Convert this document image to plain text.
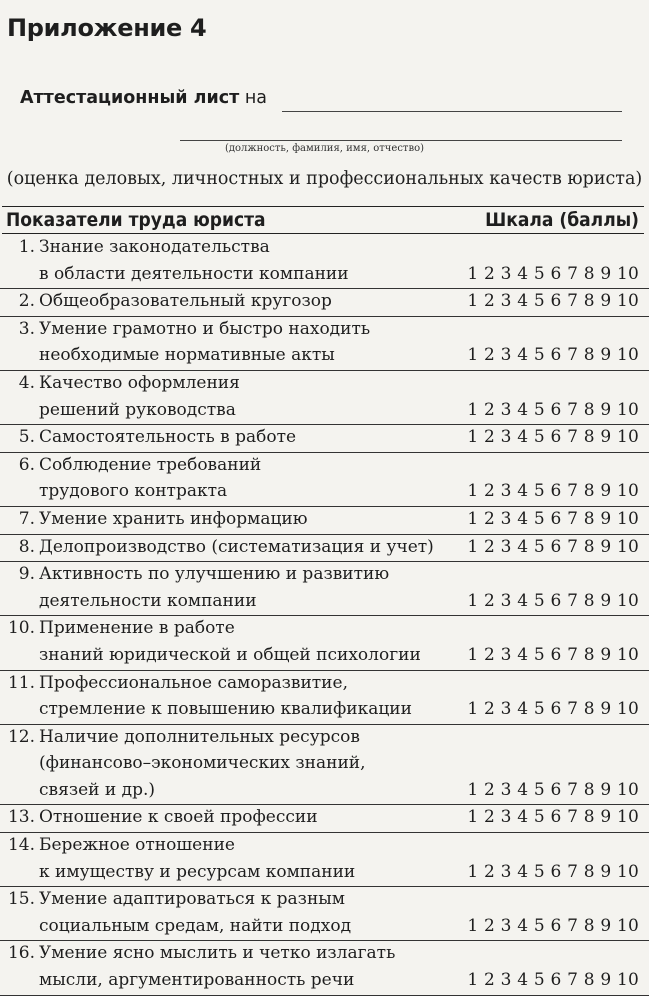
Приложение 4
Аттестационный лист на
(должность, фамилия, имя, отчество)
(оценка деловых, личностных и профессиональных качеств юриста)
Показатели труда юриста	Шкала (баллы)
1. Знание законодательства
в области деятельности компании	1 2 3 4 5 6 7 8 9 10
2. Общеобразовательный кругозор	1 2 3 4 5 6 7 8 9 10
3. Умение грамотно и быстро находить
необходимые нормативные акты	1 2 3 4 5 6 7 8 9 10
4. Качество оформления
решений руководства	1 2 3 4 5 6 7 8 9 10
5. Самостоятельность в работе	1 2 3 4 5 6 7 8 9 10
6. Соблюдение требований
трудового контракта	1 2 3 4 5 6 7 8 9 10
7. Умение хранить информацию	1 2 3 4 5 6 7 8 9 10
8. Делопроизводство (систематизация и учет) 1 2 3 4 5 6 7 8 9 10
9. Активность по улучшению и развитию
деятельности компании	1 2 3 4 5 6 7 8 9 10
10. Применение в работе
знаний юридической и общей психологии	1 2 3 4 5 6 7 8 9 10
11. Профессиональное саморазвитие,
стремление к повышению квалификации	1 2 3 4 5 6 7 8 9 10
12. Наличие дополнительных ресурсов
(финансово–экономических знаний,
связей и др.)	1 2 3 4 5 6 7 8 9 10
13. Отношение к своей профессии	1 2 3 4 5 6 7 8 9 10
14. Бережное отношение
к имуществу и ресурсам компании	1 2 3 4 5 6 7 8 9 10
15. Умение адаптироваться к разным
социальным средам, найти подход	1 2 3 4 5 6 7 8 9 10
16. Умение ясно мыслить и четко излагать
мысли, аргументированность речи	1 2 3 4 5 6 7 8 9 10
